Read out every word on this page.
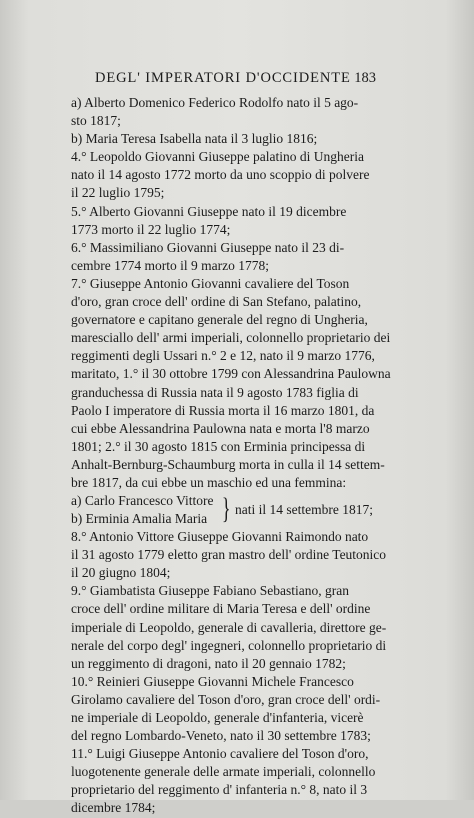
DEGL' IMPERATORI D'OCCIDENTE 183

a) Alberto Domenico Federico Rodolfo nato il 5 ago-
sto 1817;

b) Maria Teresa Isabella nata il 3 luglio 1816;

4.° Leopoldo Giovanni Giuseppe palatino di Ungheria
nato il 14 agosto 1772 morto da uno scoppio di polvere
il 22 luglio 1795;

5.° Alberto Giovanni Giuseppe nato il 19 dicembre
1773 morto il 22 luglio 1774;

6.° Massimiliano Giovanni Giuseppe nato il 23 di-
cembre 1774 morto il 9 marzo 1778;

7.° Giuseppe Antonio Giovanni cavaliere del Toson
d'oro, gran croce dell' ordine di San Stefano, palatino,
governatore e capitano generale del regno di Ungheria,
maresciallo dell' armi imperiali, colonnello proprietario dei
reggimenti degli Ussari n.° 2 e 12, nato il 9 marzo 1776,
maritato, 1.° il 30 ottobre 1799 con Alessandrina Paulowna
granduchessa di Russia nata il 9 agosto 1783 figlia di
Paolo I imperatore di Russia morta il 16 marzo 1801, da
cui ebbe Alessandrina Paulowna nata e morta l'8 marzo
1801; 2.° il 30 agosto 1815 con Erminia principessa di
Anhalt-Bernburg-Schaumburg morta in culla il 14 settem-
bre 1817, da cui ebbe un maschio ed una femmina:

a) Carlo Francesco Vittore
b) Erminia Amalia Maria } nati il 14 settembre 1817;

8.° Antonio Vittore Giuseppe Giovanni Raimondo nato
il 31 agosto 1779 eletto gran mastro dell' ordine Teutonico
il 20 giugno 1804;

9.° Giambatista Giuseppe Fabiano Sebastiano, gran
croce dell' ordine militare di Maria Teresa e dell' ordine
imperiale di Leopoldo, generale di cavalleria, direttore ge-
nerale del corpo degl' ingegneri, colonnello proprietario di
un reggimento di dragoni, nato il 20 gennaio 1782;

10.° Reinieri Giuseppe Giovanni Michele Francesco
Girolamo cavaliere del Toson d'oro, gran croce dell' ordi-
ne imperiale di Leopoldo, generale d'infanteria, vicerè
del regno Lombardo-Veneto, nato il 30 settembre 1783;

11.° Luigi Giuseppe Antonio cavaliere del Toson d'oro,
luogotenente generale delle armate imperiali, colonnello
proprietario del reggimento d' infanteria n.° 8, nato il 3
dicembre 1784;
